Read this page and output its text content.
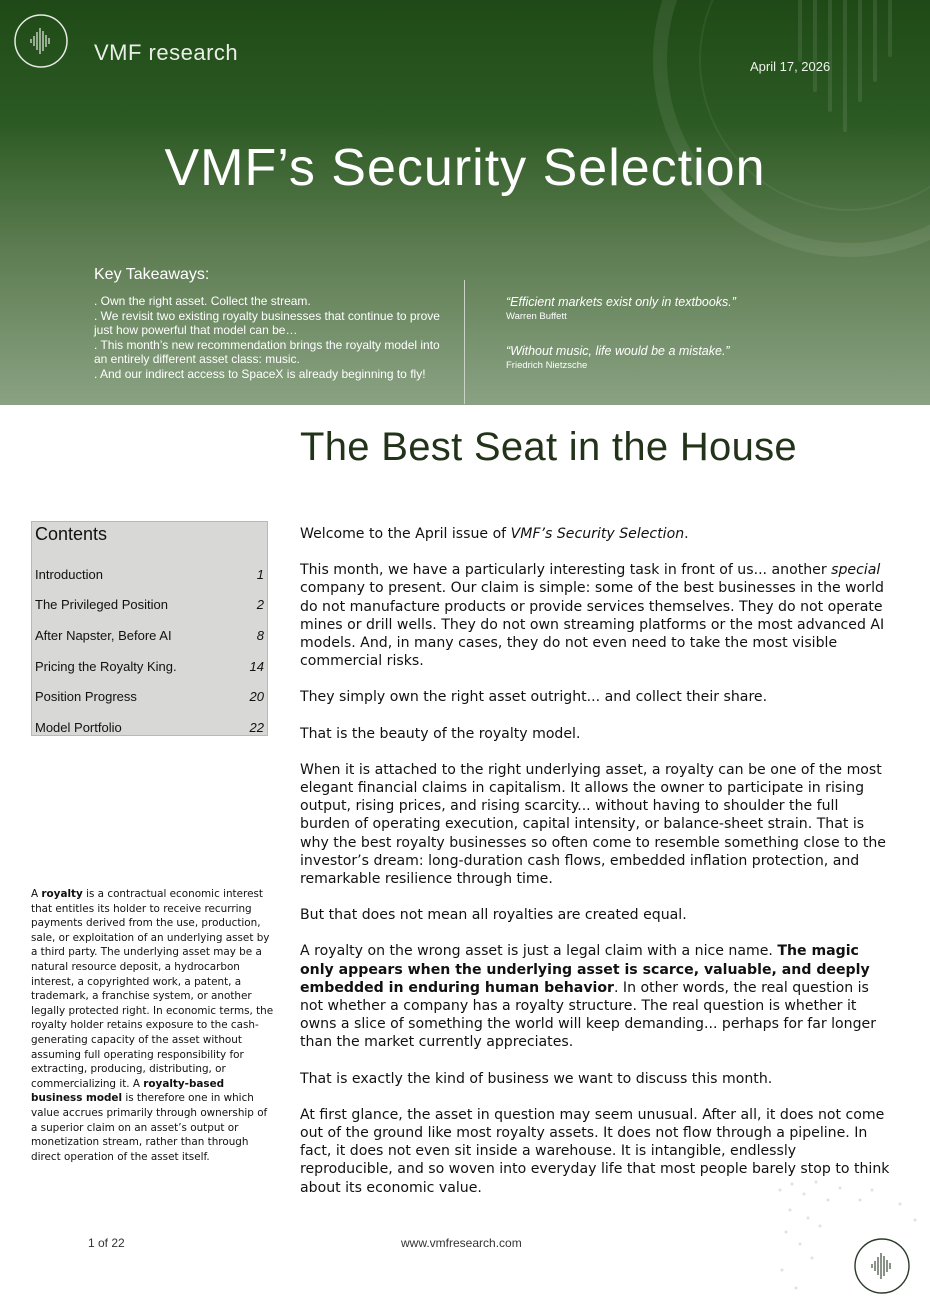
VMF research
April 17, 2026
VMF’s Security Selection
Key Takeaways:
. Own the right asset. Collect the stream.
. We revisit two existing royalty businesses that continue to prove just how powerful that model can be…
. This month’s new recommendation brings the royalty model into an entirely different asset class: music.
. And our indirect access to SpaceX is already beginning to fly!
“Efficient markets exist only in textbooks.”
Warren Buffett
“Without music, life would be a mistake.”
Friedrich Nietzsche
The Best Seat in the House
Contents
Introduction	1
The Privileged Position	2
After Napster, Before AI	8
Pricing the Royalty King.	14
Position Progress	20
Model Portfolio	22
A royalty is a contractual economic interest that entitles its holder to receive recurring payments derived from the use, production, sale, or exploitation of an underlying asset by a third party. The underlying asset may be a natural resource deposit, a hydrocarbon interest, a copyrighted work, a patent, a trademark, a franchise system, or another legally protected right. In economic terms, the royalty holder retains exposure to the cash-generating capacity of the asset without assuming full operating responsibility for extracting, producing, distributing, or commercializing it. A royalty-based business model is therefore one in which value accrues primarily through ownership of a superior claim on an asset’s output or monetization stream, rather than through direct operation of the asset itself.

Welcome to the April issue of VMF’s Security Selection.

This month, we have a particularly interesting task in front of us... another special company to present. Our claim is simple: some of the best businesses in the world do not manufacture products or provide services themselves. They do not operate mines or drill wells. They do not own streaming platforms or the most advanced AI models. And, in many cases, they do not even need to take the most visible commercial risks.

They simply own the right asset outright... and collect their share.

That is the beauty of the royalty model.

When it is attached to the right underlying asset, a royalty can be one of the most elegant financial claims in capitalism. It allows the owner to participate in rising output, rising prices, and rising scarcity... without having to shoulder the full burden of operating execution, capital intensity, or balance-sheet strain. That is why the best royalty businesses so often come to resemble something close to the investor’s dream: long-duration cash flows, embedded inflation protection, and remarkable resilience through time.

But that does not mean all royalties are created equal.

A royalty on the wrong asset is just a legal claim with a nice name. The magic only appears when the underlying asset is scarce, valuable, and deeply embedded in enduring human behavior. In other words, the real question is not whether a company has a royalty structure. The real question is whether it owns a slice of something the world will keep demanding... perhaps for far longer than the market currently appreciates.

That is exactly the kind of business we want to discuss this month.

At first glance, the asset in question may seem unusual. After all, it does not come out of the ground like most royalty assets. It does not flow through a pipeline. In fact, it does not even sit inside a warehouse. It is intangible, endlessly reproducible, and so woven into everyday life that most people barely stop to think about its economic value.

1 of 22	www.vmfresearch.com
